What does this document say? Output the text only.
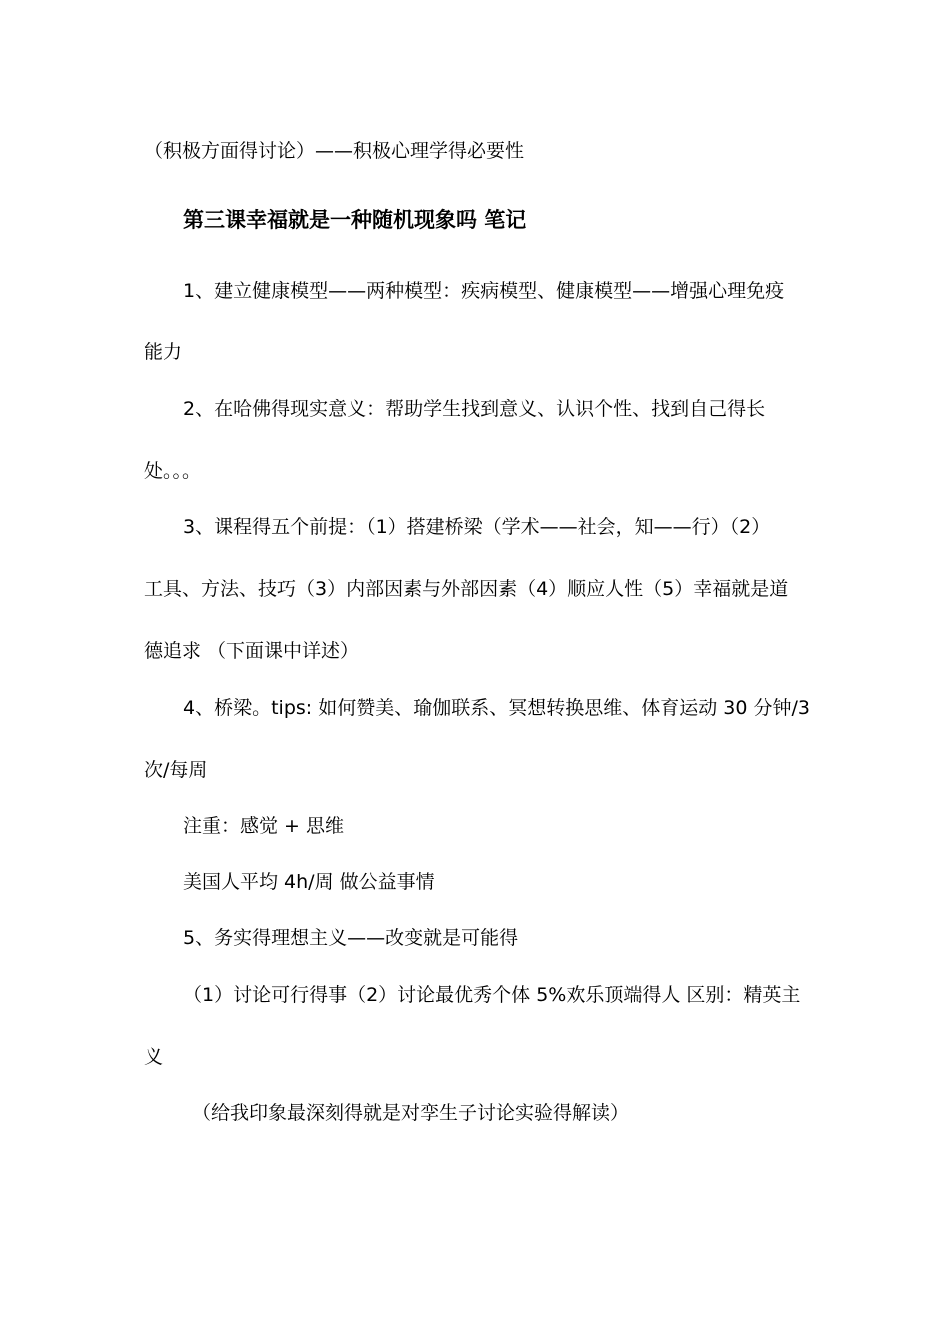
（积极方面得讨论）——积极心理学得必要性
第三课幸福就是一种随机现象吗 笔记
1、建立健康模型——两种模型：疾病模型、健康模型——增强心理免疫
能力
2、在哈佛得现实意义：帮助学生找到意义、认识个性、找到自己得长
处。。。
3、课程得五个前提：（1）搭建桥梁（学术——社会，知——行）（2）
工具、方法、技巧（3）内部因素与外部因素（4）顺应人性（5）幸福就是道
德追求 （下面课中详述）
4、桥梁。tips: 如何赞美、瑜伽联系、冥想转换思维、体育运动 30 分钟/3
次/每周
注重：感觉 + 思维
美国人平均 4h/周 做公益事情
5、务实得理想主义——改变就是可能得
（1）讨论可行得事（2）讨论最优秀个体 5%欢乐顶端得人 区别：精英主
义
（给我印象最深刻得就是对孪生子讨论实验得解读）
